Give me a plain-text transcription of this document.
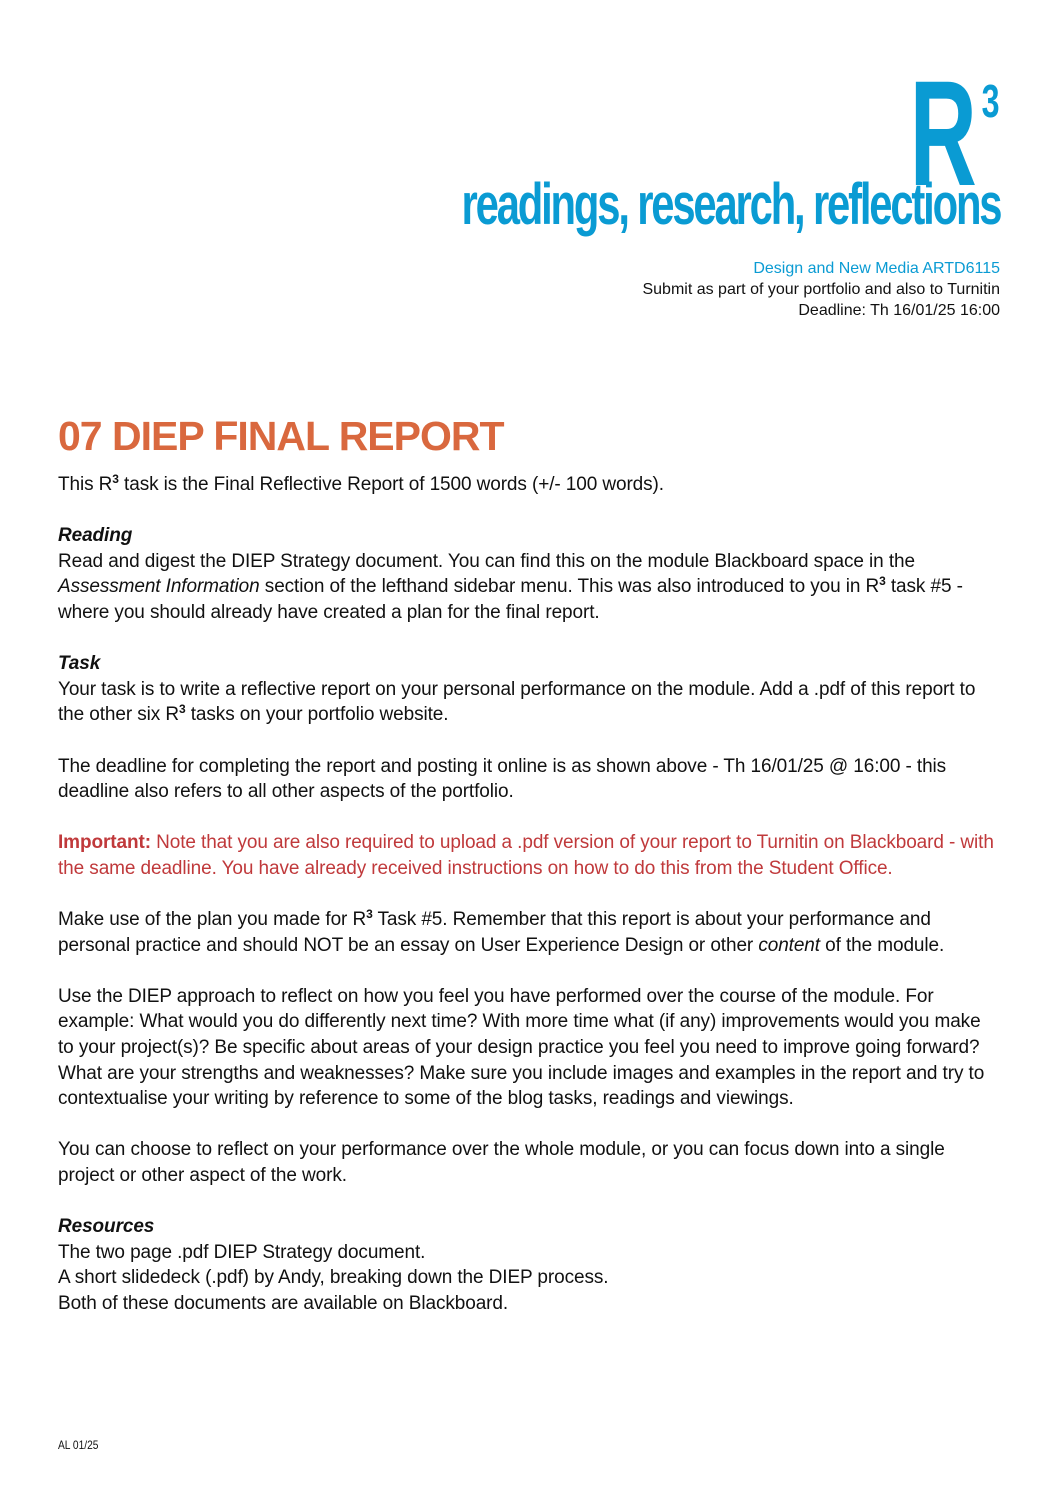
R 3
readings, research, reflections
Design and New Media ARTD6115
Submit as part of your portfolio and also to Turnitin
Deadline: Th 16/01/25 16:00
07 DIEP FINAL REPORT

This $R^3$ task is the Final Reflective Report of 1500 words (+/- 100 words).

Reading

Read and digest the DIEP Strategy document. You can find this on the module Blackboard space in the Assessment Information section of the lefthand sidebar menu. This was also introduced to you in $R^3$ task #5 - where you should already have created a plan for the final report.

Task

Your task is to write a reflective report on your personal performance on the module. Add a .pdf of this report to the other six $R^3$ tasks on your portfolio website.

The deadline for completing the report and posting it online is as shown above - Th 16/01/25 @ 16:00 - this deadline also refers to all other aspects of the portfolio.

Important: Note that you are also required to upload a .pdf version of your report to Turnitin on Blackboard - with the same deadline. You have already received instructions on how to do this from the Student Office.

Make use of the plan you made for $R^3$ Task #5. Remember that this report is about your performance and personal practice and should NOT be an essay on User Experience Design or other content of the module.

Use the DIEP approach to reflect on how you feel you have performed over the course of the module. For example: What would you do differently next time? With more time what (if any) improvements would you make to your project(s)? Be specific about areas of your design practice you feel you need to improve going forward? What are your strengths and weaknesses? Make sure you include images and examples in the report and try to contextualise your writing by reference to some of the blog tasks, readings and viewings.

You can choose to reflect on your performance over the whole module, or you can focus down into a single project or other aspect of the work.

Resources

The two page .pdf DIEP Strategy document.

A short slidedeck (.pdf) by Andy, breaking down the DIEP process.

Both of these documents are available on Blackboard.

AL 01/25
